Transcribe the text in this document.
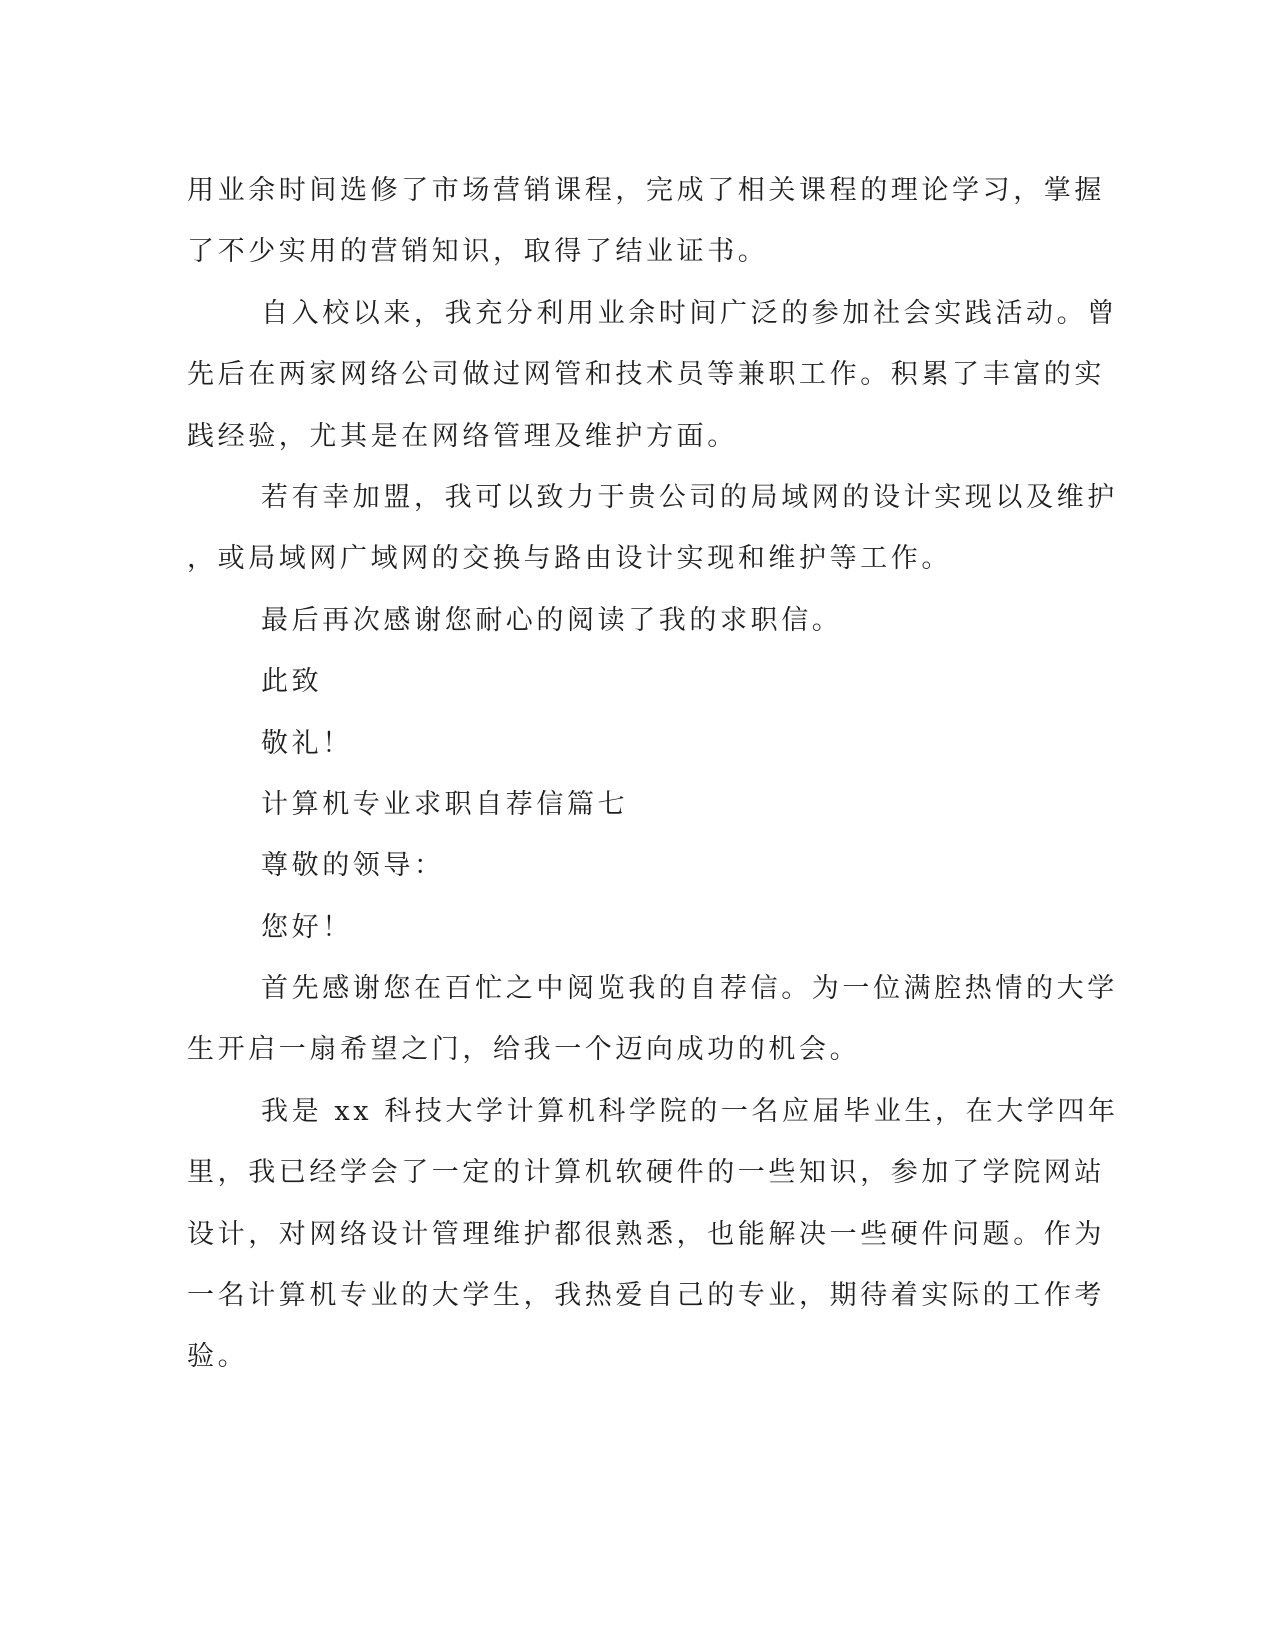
用业余时间选修了市场营销课程，完成了相关课程的理论学习，掌握
了不少实用的营销知识，取得了结业证书。
自入校以来，我充分利用业余时间广泛的参加社会实践活动。曾
先后在两家网络公司做过网管和技术员等兼职工作。积累了丰富的实
践经验，尤其是在网络管理及维护方面。
若有幸加盟，我可以致力于贵公司的局域网的设计实现以及维护
，或局域网广域网的交换与路由设计实现和维护等工作。
最后再次感谢您耐心的阅读了我的求职信。
此致
敬礼！
计算机专业求职自荐信篇七
尊敬的领导：
您好！
首先感谢您在百忙之中阅览我的自荐信。为一位满腔热情的大学
生开启一扇希望之门，给我一个迈向成功的机会。
我是 xx 科技大学计算机科学院的一名应届毕业生，在大学四年
里，我已经学会了一定的计算机软硬件的一些知识，参加了学院网站
设计，对网络设计管理维护都很熟悉，也能解决一些硬件问题。作为
一名计算机专业的大学生，我热爱自己的专业，期待着实际的工作考
验。
